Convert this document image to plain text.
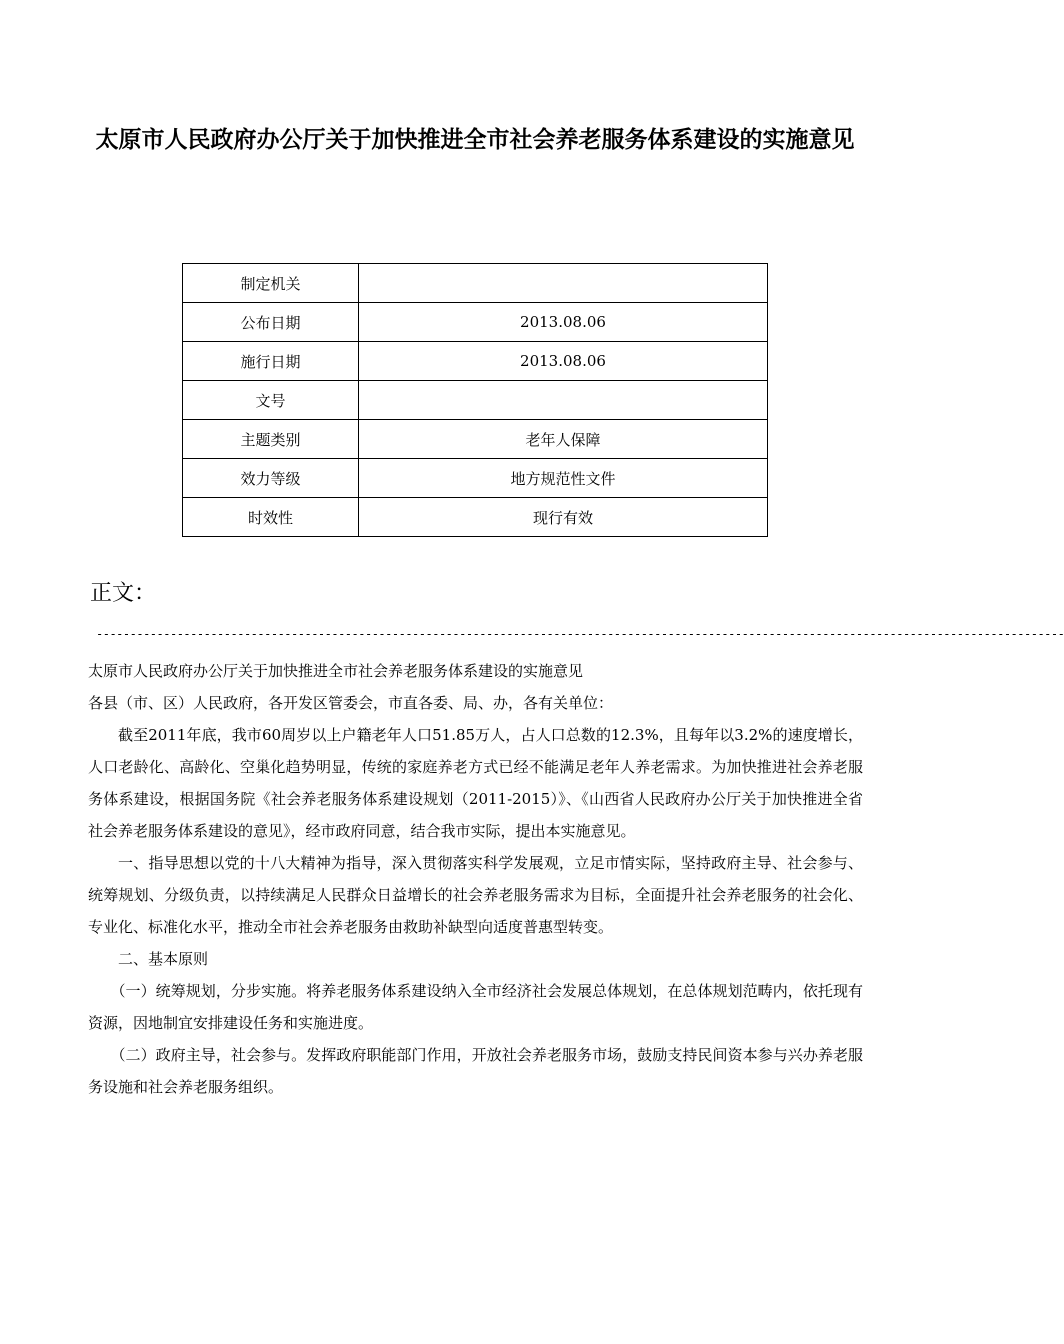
太原市人民政府办公厅关于加快推进全市社会养老服务体系建设的实施意见
制定机关	
公布日期	2013.08.06
施行日期	2013.08.06
文号	
主题类别	老年人保障
效力等级	地方规范性文件
时效性	现行有效
正文：
------------------------------------------------------------------------------------------------------------------------------------------------

太原市人民政府办公厅关于加快推进全市社会养老服务体系建设的实施意见

各县（市、区）人民政府，各开发区管委会，市直各委、局、办，各有关单位：

截至2011年底，我市60周岁以上户籍老年人口51.85万人，占人口总数的12.3%，且每年以3.2%的速度增长，人口老龄化、高龄化、空巢化趋势明显，传统的家庭养老方式已经不能满足老年人养老需求。为加快推进社会养老服务体系建设，根据国务院《社会养老服务体系建设规划（2011-2015）》、《山西省人民政府办公厅关于加快推进全省社会养老服务体系建设的意见》，经市政府同意，结合我市实际，提出本实施意见。

一、指导思想以党的十八大精神为指导，深入贯彻落实科学发展观，立足市情实际，坚持政府主导、社会参与、统筹规划、分级负责，以持续满足人民群众日益增长的社会养老服务需求为目标，全面提升社会养老服务的社会化、专业化、标准化水平，推动全市社会养老服务由救助补缺型向适度普惠型转变。

二、基本原则

（一）统筹规划，分步实施。将养老服务体系建设纳入全市经济社会发展总体规划，在总体规划范畴内，依托现有资源，因地制宜安排建设任务和实施进度。

（二）政府主导，社会参与。发挥政府职能部门作用，开放社会养老服务市场，鼓励支持民间资本参与兴办养老服务设施和社会养老服务组织。
